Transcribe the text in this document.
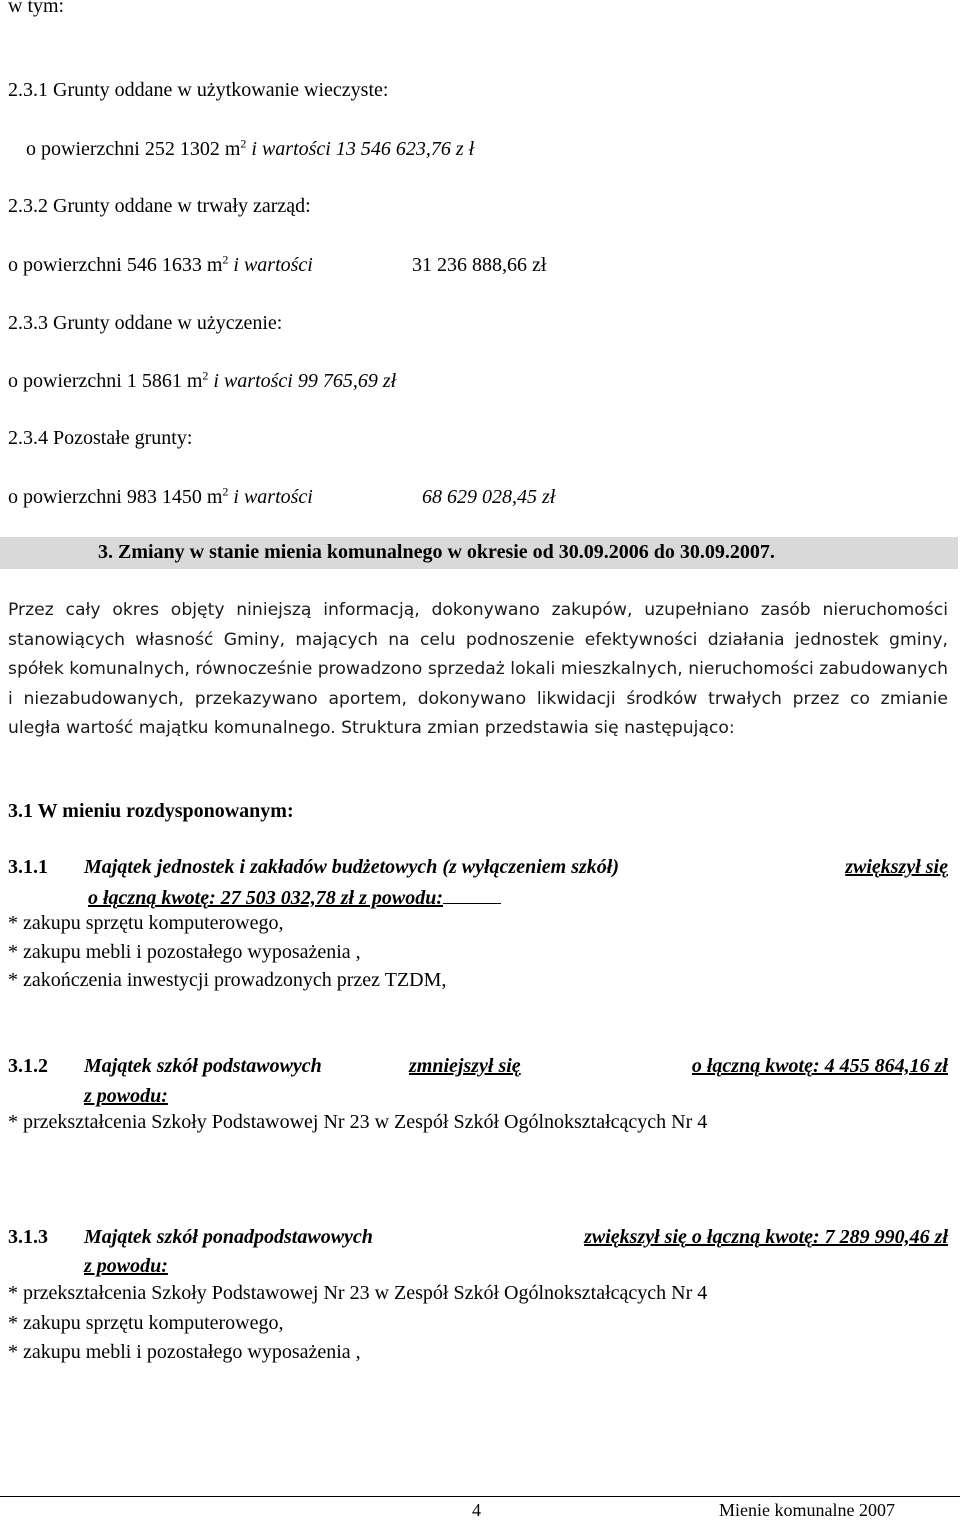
w tym:
2.3.1 Grunty oddane w użytkowanie wieczyste:
o powierzchni 252 1302 $m^2$ i wartości 13 546 623,76 z ł
2.3.2 Grunty oddane w trwały zarząd:
o powierzchni 546 1633 $m^2$ i wartości	31 236 888,66 zł
2.3.3 Grunty oddane w użyczenie:
o powierzchni 1 5861 $m^2$ i wartości 99 765,69 zł
2.3.4 Pozostałe grunty:
o powierzchni 983 1450 $m^2$ i wartości	68 629 028,45 zł
3. Zmiany w stanie mienia komunalnego w okresie od 30.09.2006 do 30.09.2007.
Przez cały okres objęty niniejszą informacją, dokonywano zakupów, uzupełniano zasób nieruchomości stanowiących własność Gminy, mających na celu podnoszenie efektywności działania jednostek gminy, spółek komunalnych, równocześnie prowadzono sprzedaż lokali mieszkalnych, nieruchomości zabudowanych i niezabudowanych, przekazywano aportem, dokonywano likwidacji środków trwałych przez co zmianie uległa wartość majątku komunalnego. Struktura zmian przedstawia się następująco:
3.1 W mieniu rozdysponowanym:
3.1.1 Majątek jednostek i zakładów budżetowych (z wyłączeniem szkół)	zwiększył się
o łączną kwotę: 27 503 032,78 zł z powodu:
* zakupu sprzętu komputerowego,
* zakupu mebli i pozostałego wyposażenia ,
* zakończenia inwestycji prowadzonych przez TZDM,
3.1.2 Majątek szkół podstawowych	zmniejszył się	o łączną kwotę: 4 455 864,16 zł
z powodu:
* przekształcenia Szkoły Podstawowej Nr 23 w Zespół Szkół Ogólnokształcących Nr 4
3.1.3 Majątek szkół ponadpodstawowych	zwiększył się o łączną kwotę: 7 289 990,46 zł
z powodu:
* przekształcenia Szkoły Podstawowej Nr 23 w Zespół Szkół Ogólnokształcących Nr 4
* zakupu sprzętu komputerowego,
* zakupu mebli i pozostałego wyposażenia ,
4	Mienie komunalne 2007
